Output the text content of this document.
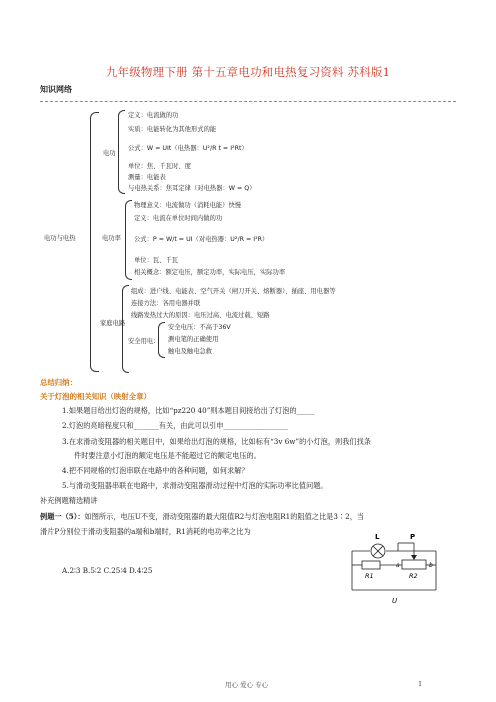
九年级物理下册 第十五章电功和电热复习资料 苏科版1
知识网络
电功与电热
电功
定义：电流做的功
实质：电能转化为其他形式的能
公式：W = UIt（电热器：U²/R t = I²Rt）
单位：焦、千瓦时、度
测量：电能表
与电热关系：焦耳定律（对电热器：W = Q）
电功率
物理意义：电流做功（消耗电能）快慢
定义：电流在单位时间内做的功
公式：P = W/t = UI（对电热器：U²/R = I²R）
单位：瓦、千瓦
相关概念：额定电压，额定功率，实际电压，实际功率
家庭电路
组成：进户线、电能表、空气开关（闸刀开关、熔断器）、插座、用电器等
连接方法：各用电器并联
线路发热过大的原因：电压过高、电流过载、短路
安全用电：
安全电压：不高于36V
测电笔的正确使用
触电及触电急救
总结归纳：
关于灯泡的相关知识（映射全章）
1.如果题目给出灯泡的规格，比如“pz220 40”则本题目间接给出了灯泡的_____
2.灯泡的亮暗程度只和_______有关，由此可以引申__________________
3.在求滑动变阻器的相关题目中，如果给出灯泡的规格，比如标有“3v 6w”的小灯泡，则我们找条
件时要注意小灯泡的额定电压是不能超过它的额定电压的。
4.把不同规格的灯泡串联在电路中的各种问题，如何求解？
5.与滑动变阻器串联在电路中，求滑动变阻器滑动过程中灯泡的实际功率比值问题。
补充例题精选精讲
例题一（5）：如图所示，电压U不变，滑动变阻器的最大阻值R2与灯泡电阻R1的阻值之比是3∶2，当
滑片P分别位于滑动变阻器的a端和b端时，R1消耗的电功率之比为
A.2∶3 B.5∶2 C.25∶4 D.4∶25
L	P
a	b
R2
R1
U
用心 爱心 专心	1
